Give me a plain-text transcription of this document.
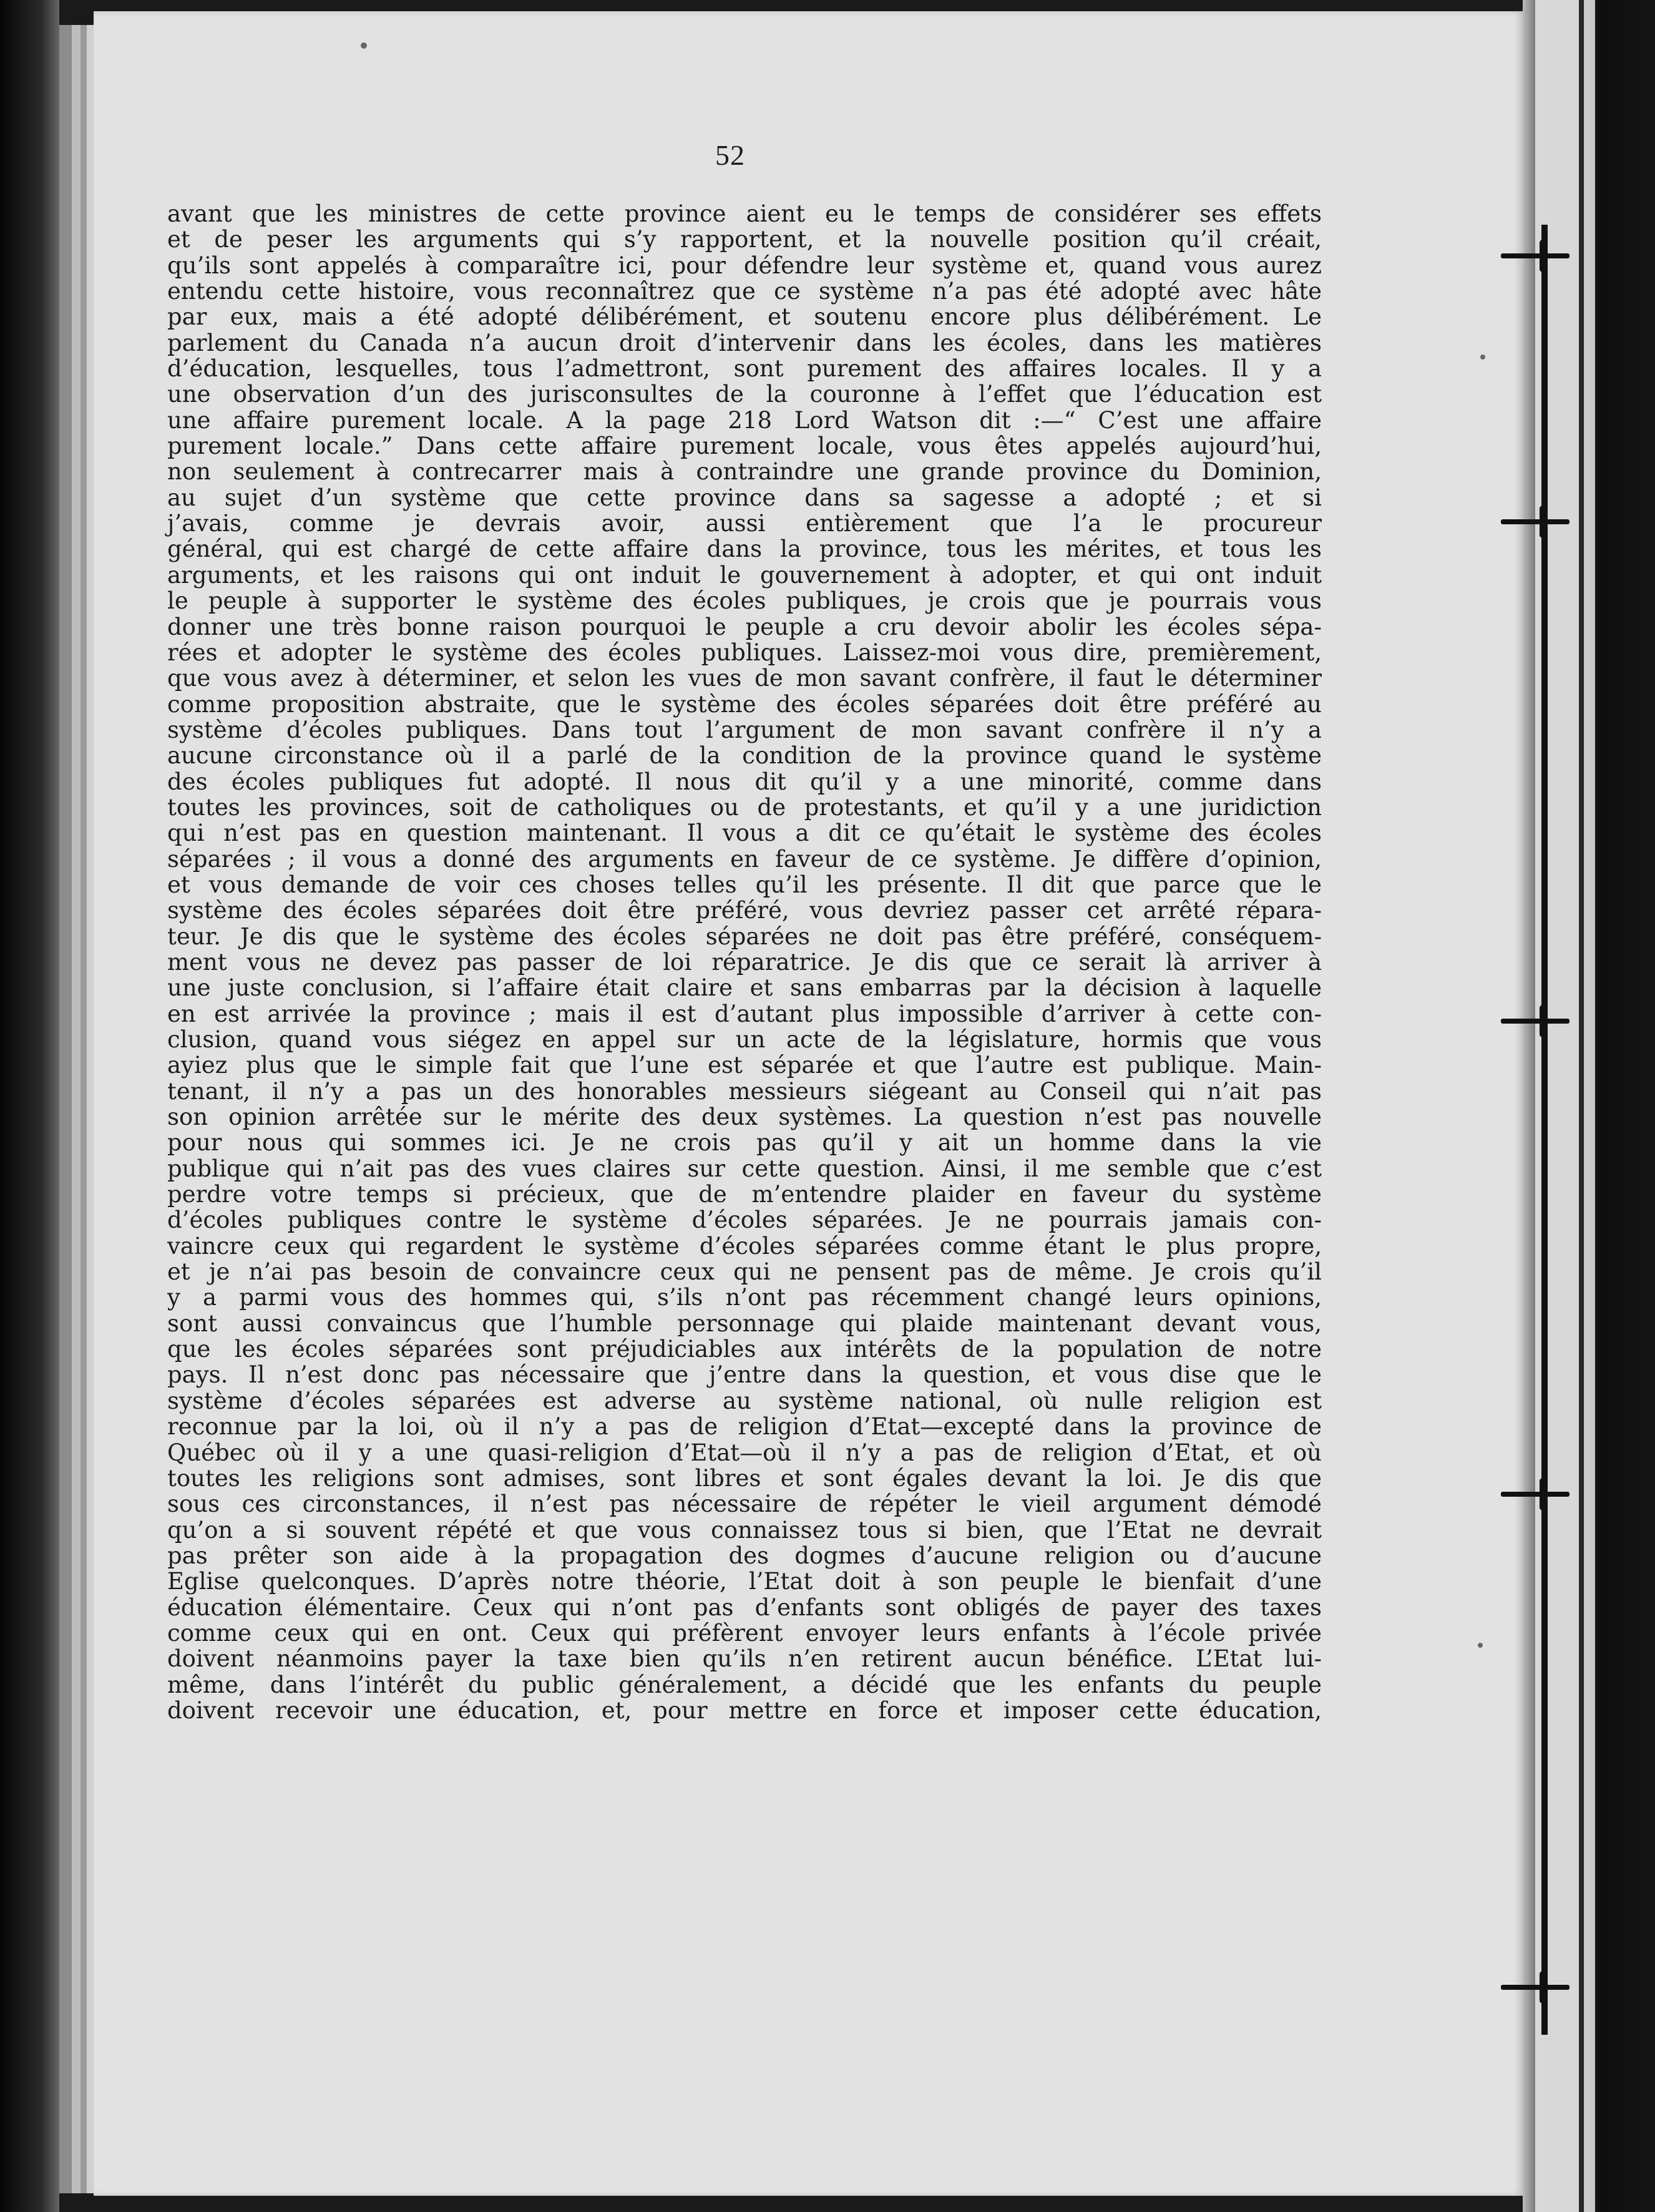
52
avant que les ministres de cette province aient eu le temps de considérer ses effets
et de peser les arguments qui s’y rapportent, et la nouvelle position qu’il créait,
qu’ils sont appelés à comparaître ici, pour défendre leur système et, quand vous aurez
entendu cette histoire, vous reconnaîtrez que ce système n’a pas été adopté avec hâte
par eux, mais a été adopté délibérément, et soutenu encore plus délibérément. Le
parlement du Canada n’a aucun droit d’intervenir dans les écoles, dans les matières
d’éducation, lesquelles, tous l’admettront, sont purement des affaires locales. Il y a
une observation d’un des jurisconsultes de la couronne à l’effet que l’éducation est
une affaire purement locale. A la page 218 Lord Watson dit :—“ C’est une affaire
purement locale.” Dans cette affaire purement locale, vous êtes appelés aujourd’hui,
non seulement à contrecarrer mais à contraindre une grande province du Dominion,
au sujet d’un système que cette province dans sa sagesse a adopté ; et si
j’avais, comme je devrais avoir, aussi entièrement que l’a le procureur
général, qui est chargé de cette affaire dans la province, tous les mérites, et tous les
arguments, et les raisons qui ont induit le gouvernement à adopter, et qui ont induit
le peuple à supporter le système des écoles publiques, je crois que je pourrais vous
donner une très bonne raison pourquoi le peuple a cru devoir abolir les écoles sépa-
rées et adopter le système des écoles publiques. Laissez-moi vous dire, premièrement,
que vous avez à déterminer, et selon les vues de mon savant confrère, il faut le déterminer
comme proposition abstraite, que le système des écoles séparées doit être préféré au
système d’écoles publiques. Dans tout l’argument de mon savant confrère il n’y a
aucune circonstance où il a parlé de la condition de la province quand le système
des écoles publiques fut adopté. Il nous dit qu’il y a une minorité, comme dans
toutes les provinces, soit de catholiques ou de protestants, et qu’il y a une juridiction
qui n’est pas en question maintenant. Il vous a dit ce qu’était le système des écoles
séparées ; il vous a donné des arguments en faveur de ce système. Je diffère d’opinion,
et vous demande de voir ces choses telles qu’il les présente. Il dit que parce que le
système des écoles séparées doit être préféré, vous devriez passer cet arrêté répara-
teur. Je dis que le système des écoles séparées ne doit pas être préféré, conséquem-
ment vous ne devez pas passer de loi réparatrice. Je dis que ce serait là arriver à
une juste conclusion, si l’affaire était claire et sans embarras par la décision à laquelle
en est arrivée la province ; mais il est d’autant plus impossible d’arriver à cette con-
clusion, quand vous siégez en appel sur un acte de la législature, hormis que vous
ayiez plus que le simple fait que l’une est séparée et que l’autre est publique. Main-
tenant, il n’y a pas un des honorables messieurs siégeant au Conseil qui n’ait pas
son opinion arrêtée sur le mérite des deux systèmes. La question n’est pas nouvelle
pour nous qui sommes ici. Je ne crois pas qu’il y ait un homme dans la vie
publique qui n’ait pas des vues claires sur cette question. Ainsi, il me semble que c’est
perdre votre temps si précieux, que de m’entendre plaider en faveur du système
d’écoles publiques contre le système d’écoles séparées. Je ne pourrais jamais con-
vaincre ceux qui regardent le système d’écoles séparées comme étant le plus propre,
et je n’ai pas besoin de convaincre ceux qui ne pensent pas de même. Je crois qu’il
y a parmi vous des hommes qui, s’ils n’ont pas récemment changé leurs opinions,
sont aussi convaincus que l’humble personnage qui plaide maintenant devant vous,
que les écoles séparées sont préjudiciables aux intérêts de la population de notre
pays. Il n’est donc pas nécessaire que j’entre dans la question, et vous dise que le
système d’écoles séparées est adverse au système national, où nulle religion est
reconnue par la loi, où il n’y a pas de religion d’Etat—excepté dans la province de
Québec où il y a une quasi-religion d’Etat—où il n’y a pas de religion d’Etat, et où
toutes les religions sont admises, sont libres et sont égales devant la loi. Je dis que
sous ces circonstances, il n’est pas nécessaire de répéter le vieil argument démodé
qu’on a si souvent répété et que vous connaissez tous si bien, que l’Etat ne devrait
pas prêter son aide à la propagation des dogmes d’aucune religion ou d’aucune
Eglise quelconques. D’après notre théorie, l’Etat doit à son peuple le bienfait d’une
éducation élémentaire. Ceux qui n’ont pas d’enfants sont obligés de payer des taxes
comme ceux qui en ont. Ceux qui préfèrent envoyer leurs enfants à l’école privée
doivent néanmoins payer la taxe bien qu’ils n’en retirent aucun bénéfice. L’Etat lui-
même, dans l’intérêt du public généralement, a décidé que les enfants du peuple
doivent recevoir une éducation, et, pour mettre en force et imposer cette éducation,
